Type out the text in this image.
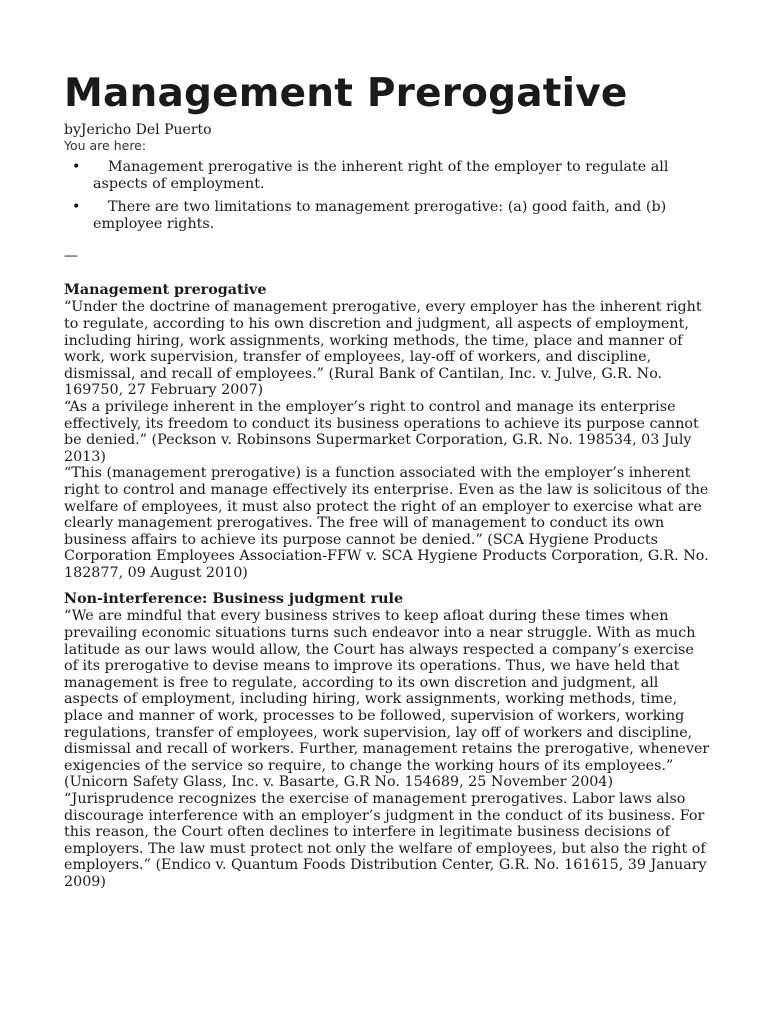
Management Prerogative
byJericho Del Puerto
You are here:
•	Management prerogative is the inherent right of the employer to regulate all aspects of employment.
•	There are two limitations to management prerogative: (a) good faith, and (b) employee rights.
—
Management prerogative

“Under the doctrine of management prerogative, every employer has the inherent right to regulate, according to his own discretion and judgment, all aspects of employment, including hiring, work assignments, working methods, the time, place and manner of work, work supervision, transfer of employees, lay-off of workers, and discipline, dismissal, and recall of employees.” (Rural Bank of Cantilan, Inc. v. Julve, G.R. No. 169750, 27 February 2007)

“As a privilege inherent in the employer’s right to control and manage its enterprise effectively, its freedom to conduct its business operations to achieve its purpose cannot be denied.” (Peckson v. Robinsons Supermarket Corporation, G.R. No. 198534, 03 July 2013)

“This (management prerogative) is a function associated with the employer’s inherent right to control and manage effectively its enterprise. Even as the law is solicitous of the welfare of employees, it must also protect the right of an employer to exercise what are clearly management prerogatives. The free will of management to conduct its own business affairs to achieve its purpose cannot be denied.” (SCA Hygiene Products Corporation Employees Association-FFW v. SCA Hygiene Products Corporation, G.R. No. 182877, 09 August 2010)

Non-interference: Business judgment rule

“We are mindful that every business strives to keep afloat during these times when prevailing economic situations turns such endeavor into a near struggle. With as much latitude as our laws would allow, the Court has always respected a company’s exercise of its prerogative to devise means to improve its operations. Thus, we have held that management is free to regulate, according to its own discretion and judgment, all aspects of employment, including hiring, work assignments, working methods, time, place and manner of work, processes to be followed, supervision of workers, working regulations, transfer of employees, work supervision, lay off of workers and discipline, dismissal and recall of workers. Further, management retains the prerogative, whenever exigencies of the service so require, to change the working hours of its employees.” (Unicorn Safety Glass, Inc. v. Basarte, G.R No. 154689, 25 November 2004)

“Jurisprudence recognizes the exercise of management prerogatives. Labor laws also discourage interference with an employer’s judgment in the conduct of its business. For this reason, the Court often declines to interfere in legitimate business decisions of employers. The law must protect not only the welfare of employees, but also the right of employers.” (Endico v. Quantum Foods Distribution Center, G.R. No. 161615, 39 January 2009)
